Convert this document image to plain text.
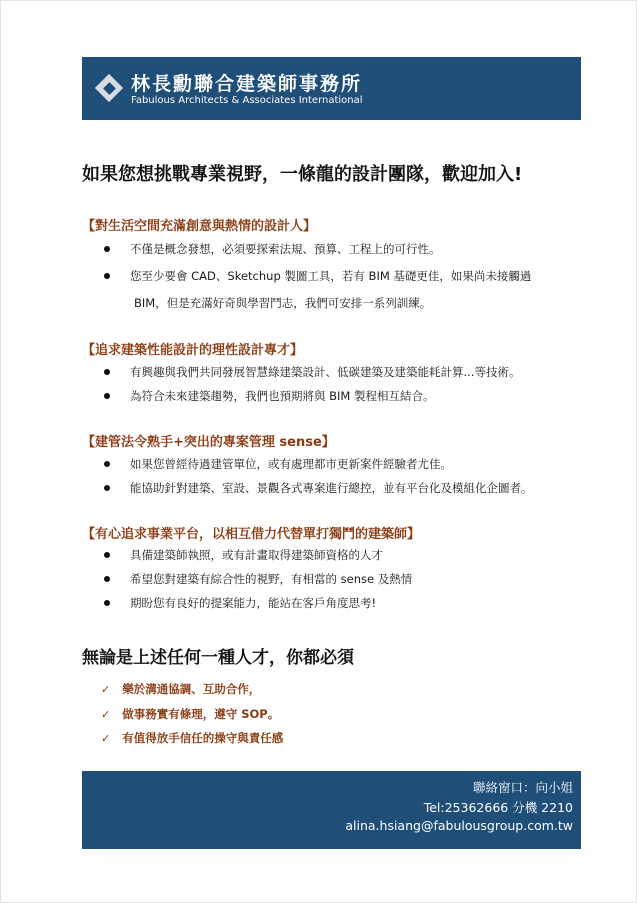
林長勳聯合建築師事務所
Fabulous Architects & Associates International
如果您想挑戰專業視野，一條龍的設計團隊，歡迎加入!
【對生活空間充滿創意與熱情的設計人】
不僅是概念發想，必須要探索法規、預算、工程上的可行性。
您至少要會 CAD、Sketchup 製圖工具，若有 BIM 基礎更佳，如果尚未接觸過
BIM，但是充滿好奇與學習鬥志，我們可安排一系列訓練。
【追求建築性能設計的理性設計專才】
有興趣與我們共同發展智慧綠建築設計、低碳建築及建築能耗計算...等技術。
為符合未來建築趨勢，我們也預期將與 BIM 製程相互結合。
【建管法令熟手+突出的專案管理 sense】
如果您曾經待過建管單位，或有處理都市更新案件經驗者尤佳。
能協助針對建築、室設、景觀各式專案進行總控，並有平台化及模組化企圖者。
【有心追求事業平台，以相互借力代替單打獨鬥的建築師】
具備建築師執照，或有計畫取得建築師資格的人才
希望您對建築有綜合性的視野，有相當的 sense 及熱情
期盼您有良好的提案能力，能站在客戶角度思考!
無論是上述任何一種人才，你都必須
✓ 樂於溝通協調、互助合作，
✓ 做事務實有條理，遵守 SOP。
✓ 有值得放手信任的操守與責任感
聯絡窗口：向小姐
Tel:25362666 分機 2210
alina.hsiang@fabulousgroup.com.tw
